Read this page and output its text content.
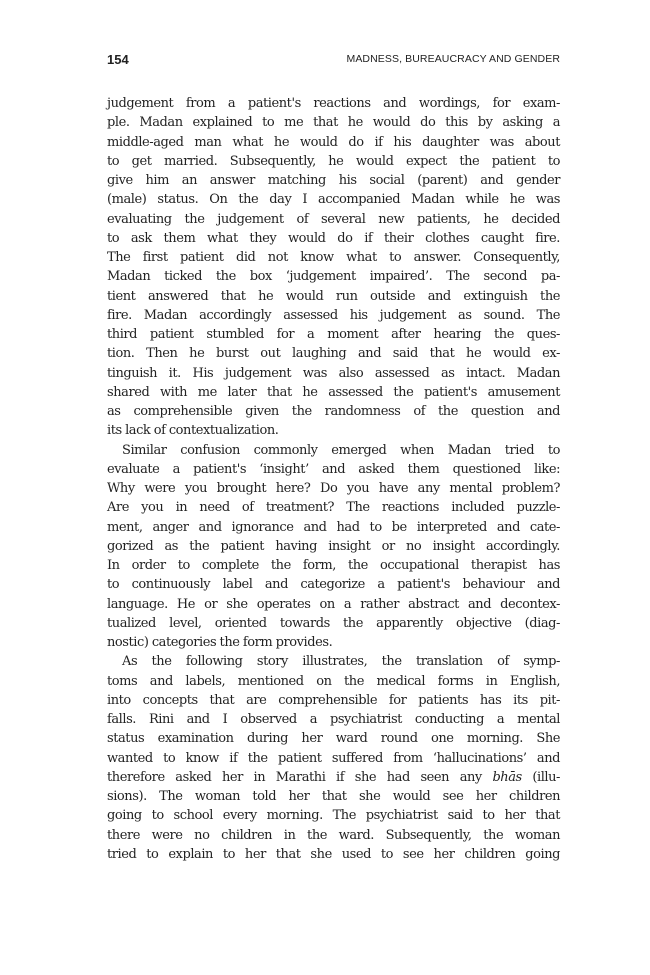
154	MADNESS, BUREAUCRACY AND GENDER
judgement from a patient's reactions and wordings, for exam-
ple. Madan explained to me that he would do this by asking a
middle-aged man what he would do if his daughter was about
to get married. Subsequently, he would expect the patient to
give him an answer matching his social (parent) and gender
(male) status. On the day I accompanied Madan while he was
evaluating the judgement of several new patients, he decided
to ask them what they would do if their clothes caught fire.
The first patient did not know what to answer. Consequently,
Madan ticked the box ‘judgement impaired’. The second pa-
tient answered that he would run outside and extinguish the
fire. Madan accordingly assessed his judgement as sound. The
third patient stumbled for a moment after hearing the ques-
tion. Then he burst out laughing and said that he would ex-
tinguish it. His judgement was also assessed as intact. Madan
shared with me later that he assessed the patient's amusement
as comprehensible given the randomness of the question and
its lack of contextualization.
Similar confusion commonly emerged when Madan tried to
evaluate a patient's ‘insight’ and asked them questioned like:
Why were you brought here? Do you have any mental problem?
Are you in need of treatment? The reactions included puzzle-
ment, anger and ignorance and had to be interpreted and cate-
gorized as the patient having insight or no insight accordingly.
In order to complete the form, the occupational therapist has
to continuously label and categorize a patient's behaviour and
language. He or she operates on a rather abstract and decontex-
tualized level, oriented towards the apparently objective (diag-
nostic) categories the form provides.
As the following story illustrates, the translation of symp-
toms and labels, mentioned on the medical forms in English,
into concepts that are comprehensible for patients has its pit-
falls. Rini and I observed a psychiatrist conducting a mental
status examination during her ward round one morning. She
wanted to know if the patient suffered from ‘hallucinations’ and
therefore asked her in Marathi if she had seen any bhās (illu-
sions). The woman told her that she would see her children
going to school every morning. The psychiatrist said to her that
there were no children in the ward. Subsequently, the woman
tried to explain to her that she used to see her children going
